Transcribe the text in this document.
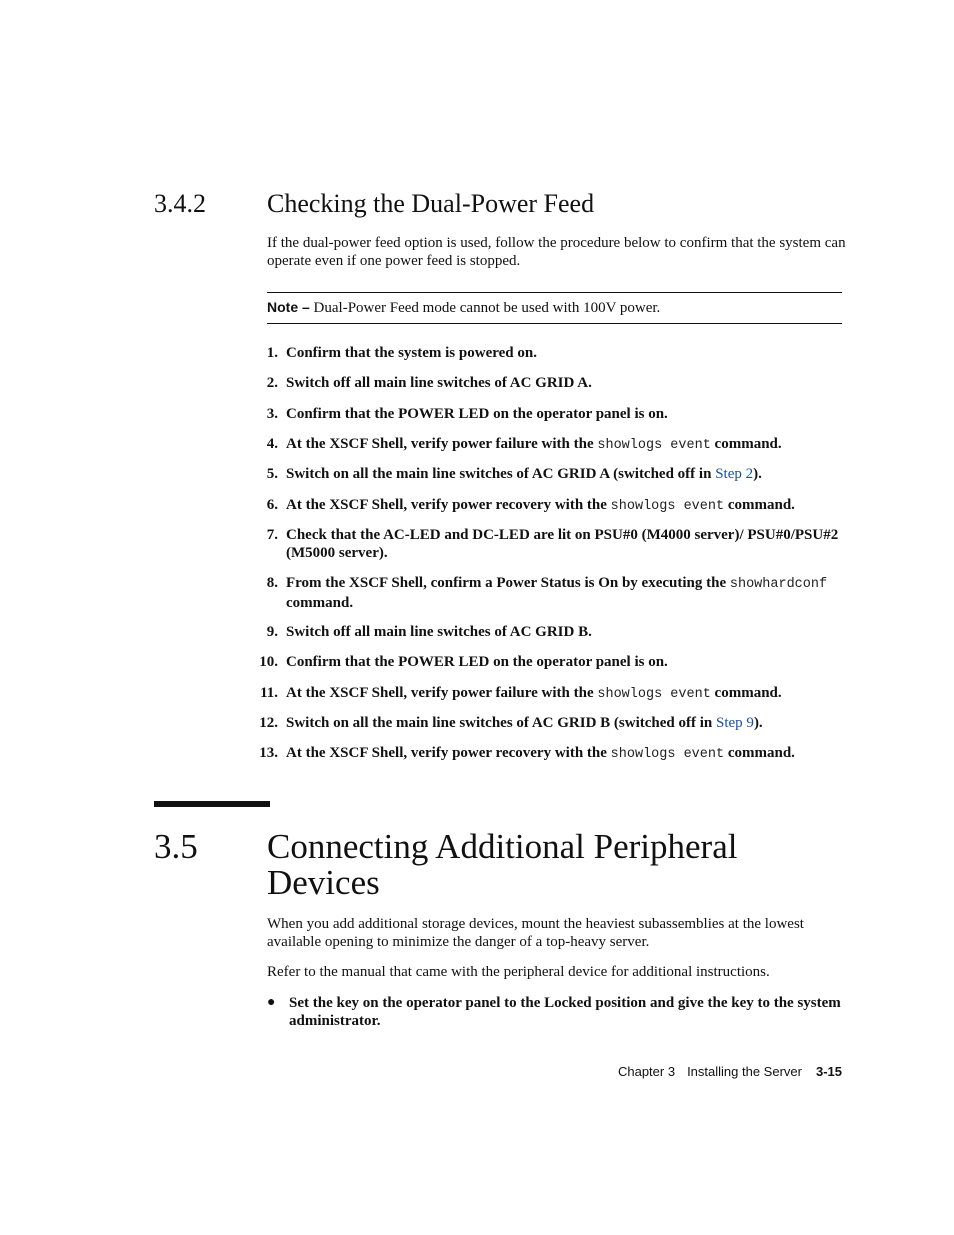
3.4.2 Checking the Dual-Power Feed
If the dual-power feed option is used, follow the procedure below to confirm that the system can operate even if one power feed is stopped.
Note – Dual-Power Feed mode cannot be used with 100V power.
1. Confirm that the system is powered on.
2. Switch off all main line switches of AC GRID A.
3. Confirm that the POWER LED on the operator panel is on.
4. At the XSCF Shell, verify power failure with the showlogs event command.
5. Switch on all the main line switches of AC GRID A (switched off in Step 2).
6. At the XSCF Shell, verify power recovery with the showlogs event command.
7. Check that the AC-LED and DC-LED are lit on PSU#0 (M4000 server)/ PSU#0/PSU#2 (M5000 server).
8. From the XSCF Shell, confirm a Power Status is On by executing the showhardconf command.
9. Switch off all main line switches of AC GRID B.
10. Confirm that the POWER LED on the operator panel is on.
11. At the XSCF Shell, verify power failure with the showlogs event command.
12. Switch on all the main line switches of AC GRID B (switched off in Step 9).
13. At the XSCF Shell, verify power recovery with the showlogs event command.
3.5 Connecting Additional Peripheral Devices
When you add additional storage devices, mount the heaviest subassemblies at the lowest available opening to minimize the danger of a top-heavy server.
Refer to the manual that came with the peripheral device for additional instructions.
● Set the key on the operator panel to the Locked position and give the key to the system administrator.
Chapter 3 Installing the Server 3-15
